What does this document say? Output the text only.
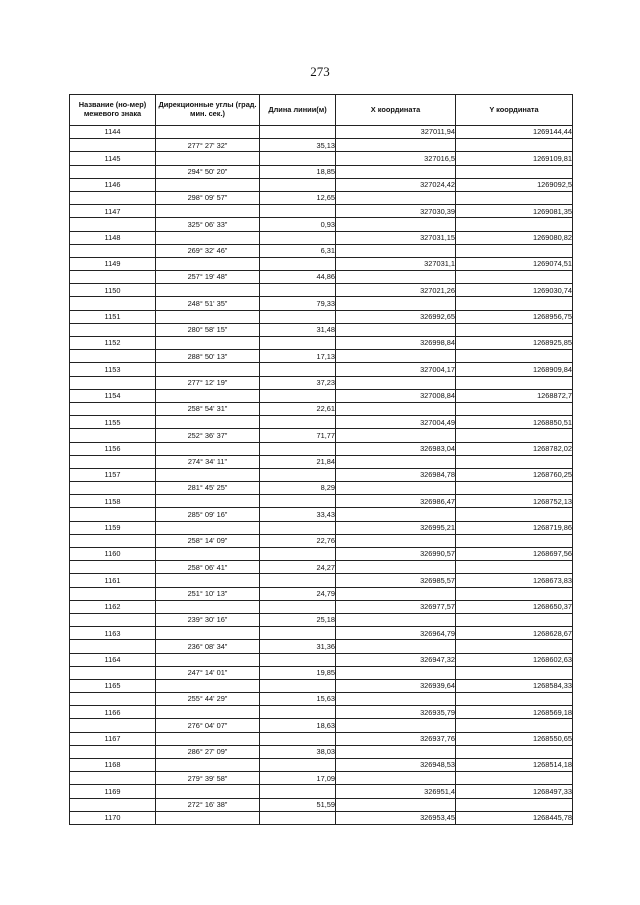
273
Название (но-мер) межевого знака	Дирекционные углы (град. мин. сек.)	Длина линии(м)	X координата	Y координата
1144			327011,94	1269144,44
	277° 27' 32"	35,13		
1145			327016,5	1269109,81
	294° 50' 20"	18,85		
1146			327024,42	1269092,5
	298° 09' 57"	12,65		
1147			327030,39	1269081,35
	325° 06' 33"	0,93		
1148			327031,15	1269080,82
	269° 32' 46"	6,31		
1149			327031,1	1269074,51
	257° 19' 48"	44,86		
1150			327021,26	1269030,74
	248° 51' 35"	79,33		
1151			326992,65	1268956,75
	280° 58' 15"	31,48		
1152			326998,84	1268925,85
	288° 50' 13"	17,13		
1153			327004,17	1268909,84
	277° 12' 19"	37,23		
1154			327008,84	1268872,7
	258° 54' 31"	22,61		
1155			327004,49	1268850,51
	252° 36' 37"	71,77		
1156			326983,04	1268782,02
	274° 34' 11"	21,84		
1157			326984,78	1268760,25
	281° 45' 25"	8,29		
1158			326986,47	1268752,13
	285° 09' 16"	33,43		
1159			326995,21	1268719,86
	258° 14' 09"	22,76		
1160			326990,57	1268697,56
	258° 06' 41"	24,27		
1161			326985,57	1268673,83
	251° 10' 13"	24,79		
1162			326977,57	1268650,37
	239° 30' 16"	25,18		
1163			326964,79	1268628,67
	236° 08' 34"	31,36		
1164			326947,32	1268602,63
	247° 14' 01"	19,85		
1165			326939,64	1268584,33
	255° 44' 29"	15,63		
1166			326935,79	1268569,18
	276° 04' 07"	18,63		
1167			326937,76	1268550,65
	286° 27' 09"	38,03		
1168			326948,53	1268514,18
	279° 39' 58"	17,09		
1169			326951,4	1268497,33
	272° 16' 38"	51,59		
1170			326953,45	1268445,78
